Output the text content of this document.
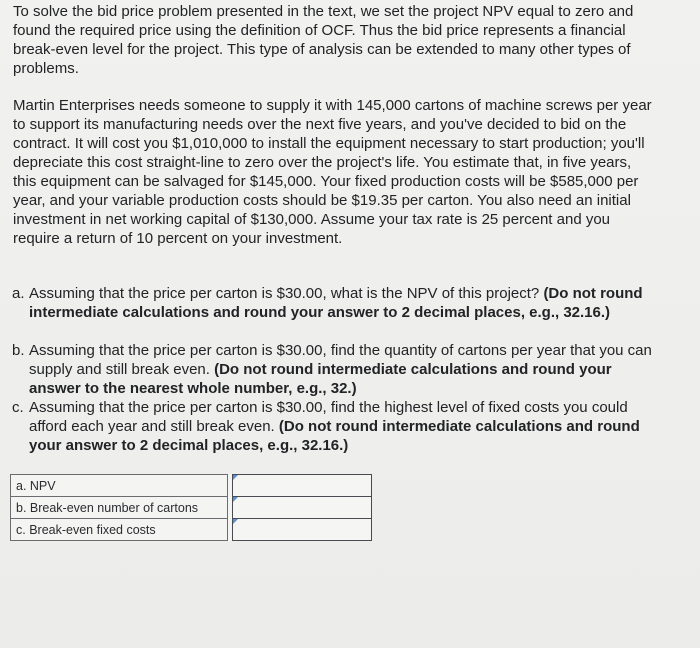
To solve the bid price problem presented in the text, we set the project NPV equal to zero and found the required price using the definition of OCF. Thus the bid price represents a financial break-even level for the project. This type of analysis can be extended to many other types of problems.

Martin Enterprises needs someone to supply it with 145,000 cartons of machine screws per year to support its manufacturing needs over the next five years, and you've decided to bid on the contract. It will cost you $1,010,000 to install the equipment necessary to start production; you'll depreciate this cost straight-line to zero over the project's life. You estimate that, in five years, this equipment can be salvaged for $145,000. Your fixed production costs will be $585,000 per year, and your variable production costs should be $19.35 per carton. You also need an initial investment in net working capital of $130,000. Assume your tax rate is 25 percent and you require a return of 10 percent on your investment.

a. Assuming that the price per carton is $30.00, what is the NPV of this project? (Do not round intermediate calculations and round your answer to 2 decimal places, e.g., 32.16.)
b. Assuming that the price per carton is $30.00, find the quantity of cartons per year that you can supply and still break even. (Do not round intermediate calculations and round your answer to the nearest whole number, e.g., 32.)
c. Assuming that the price per carton is $30.00, find the highest level of fixed costs you could afford each year and still break even. (Do not round intermediate calculations and round your answer to 2 decimal places, e.g., 32.16.)
a. NPV		

b. Break-even number of cartons		

c. Break-even fixed costs		
